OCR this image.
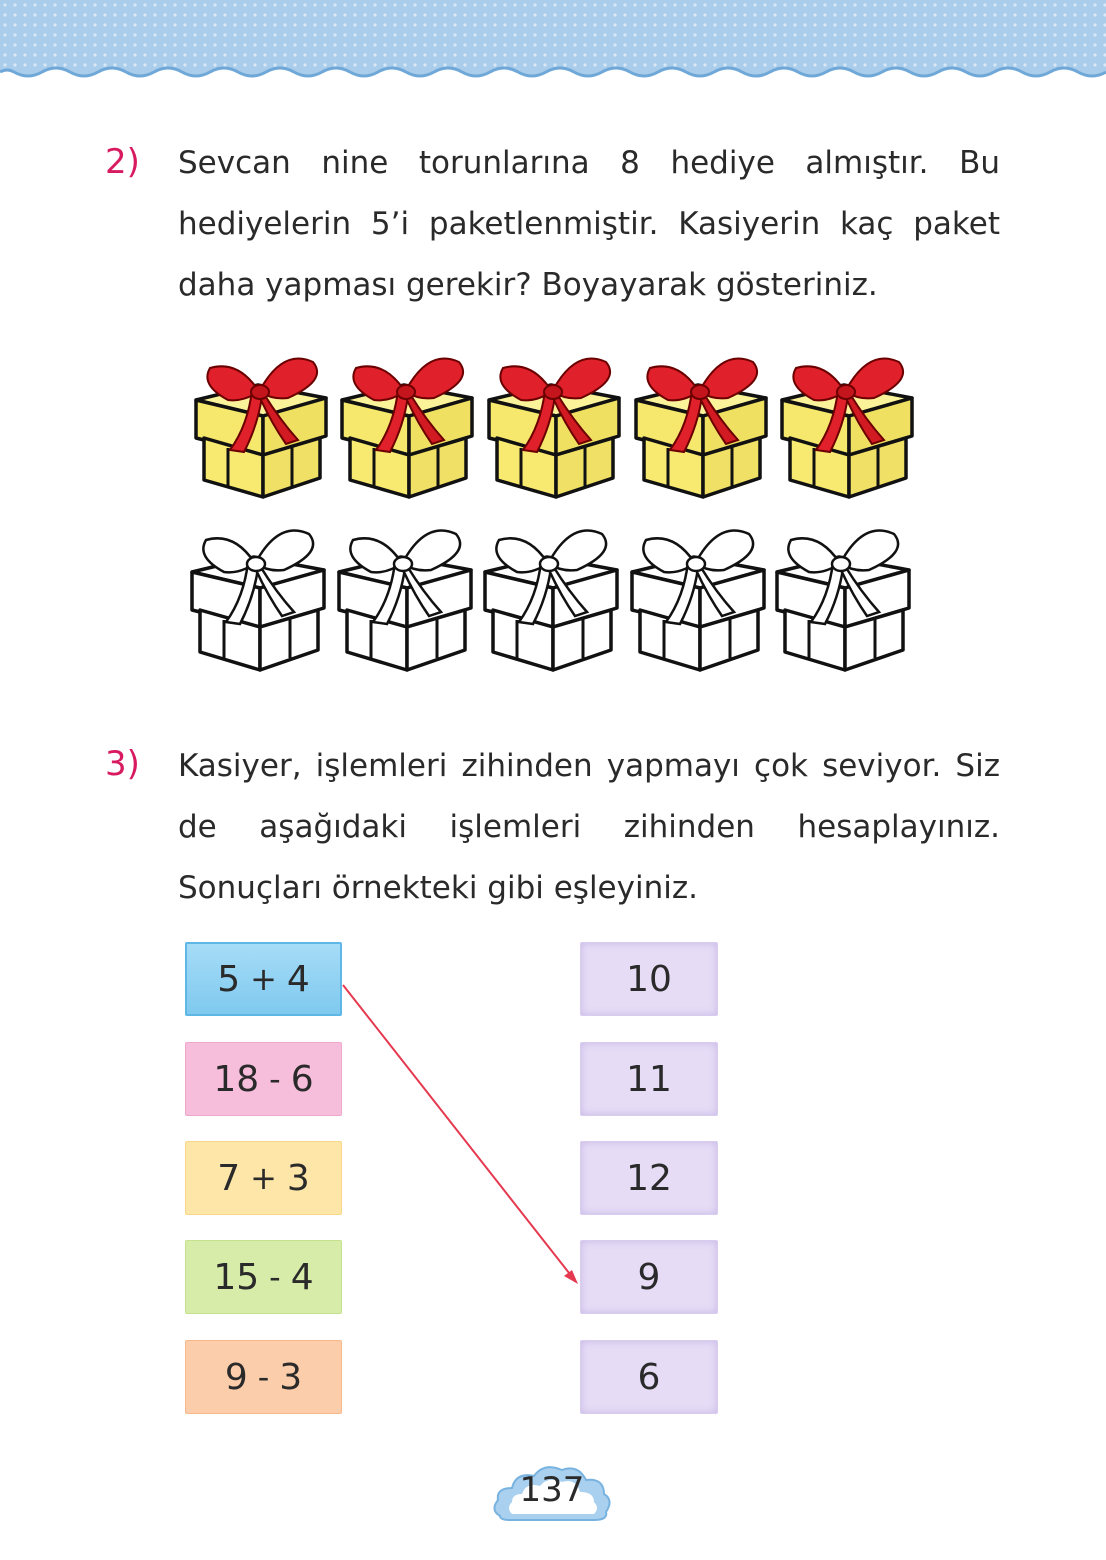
2) Sevcan nine torunlarına 8 hediye almıştır. Bu hediyelerin 5’i paketlenmiştir. Kasiyerin kaç paket daha yapması gerekir? Boyayarak gösteriniz.
3) Kasiyer, işlemleri zihinden yapmayı çok seviyor. Siz de aşağıdaki işlemleri zihinden hesaplayınız. Sonuçları örnekteki gibi eşleyiniz.
5 + 4
18 - 6
7 + 3
15 - 4
9 - 3
10
11
12
9
6
137
